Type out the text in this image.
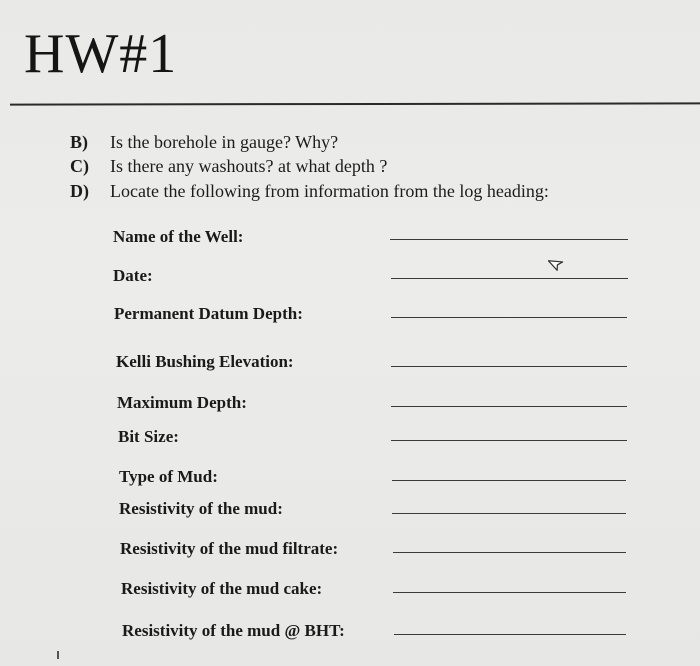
HW#1
B) Is the borehole in gauge? Why?
C) Is there any washouts? at what depth ?
D) Locate the following from information from the log heading:
Name of the Well:
Date:
Permanent Datum Depth:
Kelli Bushing Elevation:
Maximum Depth:
Bit Size:
Type of Mud:
Resistivity of the mud:
Resistivity of the mud filtrate:
Resistivity of the mud cake:
Resistivity of the mud @ BHT:
